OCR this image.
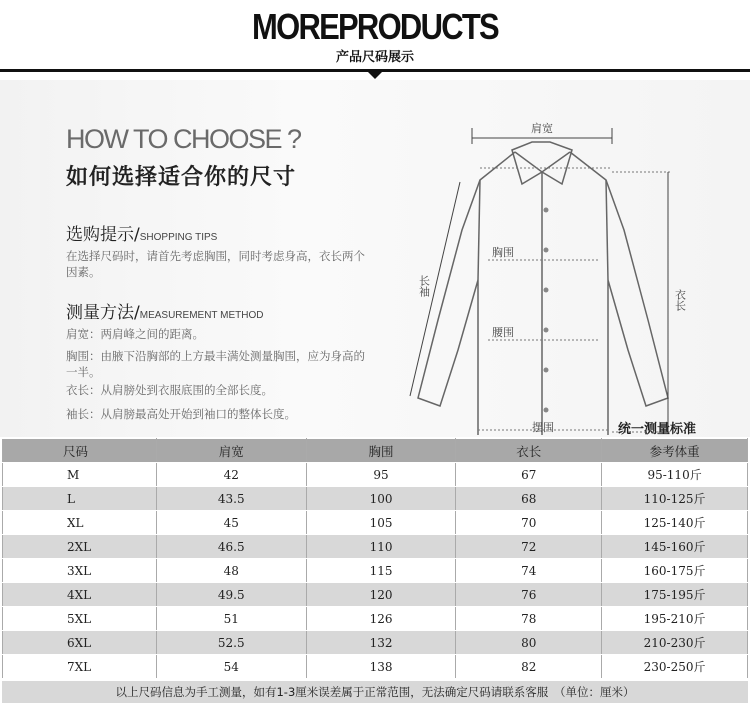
MOREPRODUCTS
产品尺码展示
HOW TO CHOOSE ?
如何选择适合你的尺寸
选购提示/SHOPPING TIPS
在选择尺码时，请首先考虑胸围，同时考虑身高，衣长两个因素。
测量方法/MEASUREMENT METHOD
肩宽：两肩峰之间的距离。
胸围：由腋下沿胸部的上方最丰满处测量胸围，应为身高的一半。
衣长：从肩膀处到衣服底围的全部长度。
袖长：从肩膀最高处开始到袖口的整体长度。
肩宽
胸围
腰围
摆围
衣长
长袖
统一测量标准
尺码	肩宽	胸围	衣长	参考体重
M	42	95	67	95-110斤
L	43.5	100	68	110-125斤
XL	45	105	70	125-140斤
2XL	46.5	110	72	145-160斤
3XL	48	115	74	160-175斤
4XL	49.5	120	76	175-195斤
5XL	51	126	78	195-210斤
6XL	52.5	132	80	210-230斤
7XL	54	138	82	230-250斤
以上尺码信息为手工测量，如有1-3厘米误差属于正常范围，无法确定尺码请联系客服　（单位：厘米）
